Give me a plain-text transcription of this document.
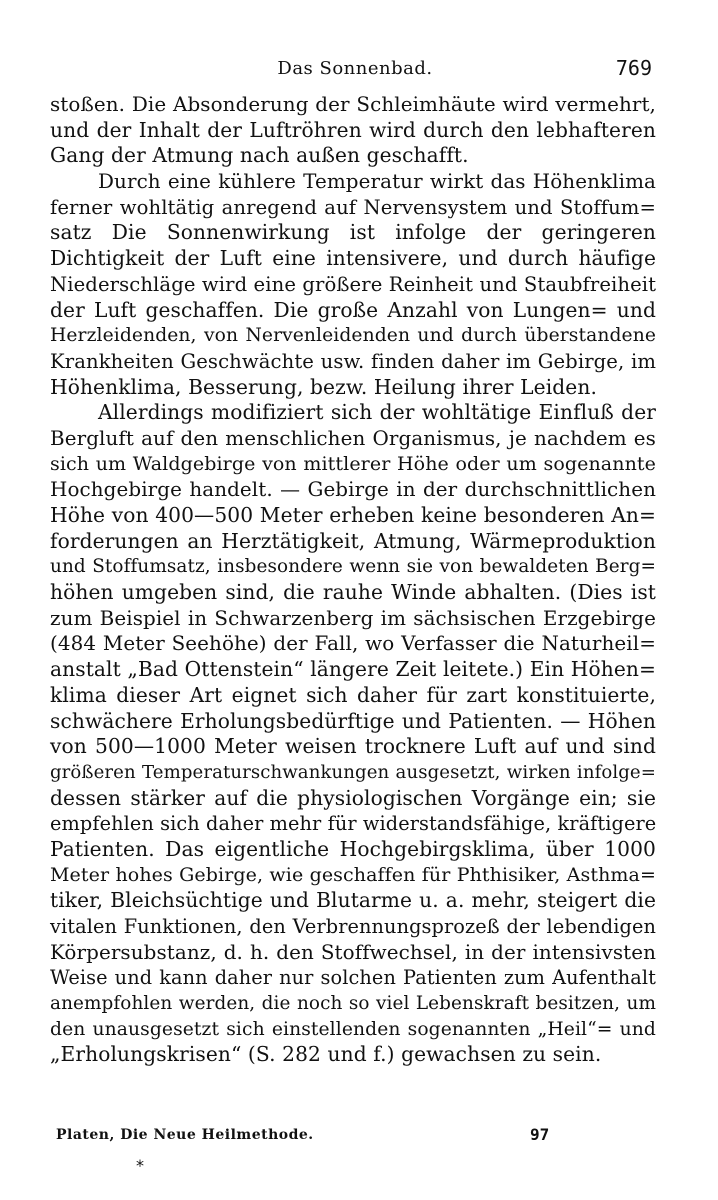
Das Sonnenbad.	769
stoßen. Die Absonderung der Schleimhäute wird vermehrt,
und der Inhalt der Luftröhren wird durch den lebhafteren
Gang der Atmung nach außen geschafft.
Durch eine kühlere Temperatur wirkt das Höhenklima
ferner wohltätig anregend auf Nervensystem und Stoffum=
satz Die Sonnenwirkung ist infolge der geringeren
Dichtigkeit der Luft eine intensivere, und durch häufige
Niederschläge wird eine größere Reinheit und Staubfreiheit
der Luft geschaffen. Die große Anzahl von Lungen= und
Herzleidenden, von Nervenleidenden und durch überstandene
Krankheiten Geschwächte usw. finden daher im Gebirge, im
Höhenklima, Besserung, bezw. Heilung ihrer Leiden.
Allerdings modifiziert sich der wohltätige Einfluß der
Bergluft auf den menschlichen Organismus, je nachdem es
sich um Waldgebirge von mittlerer Höhe oder um sogenannte
Hochgebirge handelt. — Gebirge in der durchschnittlichen
Höhe von 400—500 Meter erheben keine besonderen An=
forderungen an Herztätigkeit, Atmung, Wärmeproduktion
und Stoffumsatz, insbesondere wenn sie von bewaldeten Berg=
höhen umgeben sind, die rauhe Winde abhalten. (Dies ist
zum Beispiel in Schwarzenberg im sächsischen Erzgebirge
(484 Meter Seehöhe) der Fall, wo Verfasser die Naturheil=
anstalt „Bad Ottenstein“ längere Zeit leitete.) Ein Höhen=
klima dieser Art eignet sich daher für zart konstituierte,
schwächere Erholungsbedürftige und Patienten. — Höhen
von 500—1000 Meter weisen trocknere Luft auf und sind
größeren Temperaturschwankungen ausgesetzt, wirken infolge=
dessen stärker auf die physiologischen Vorgänge ein; sie
empfehlen sich daher mehr für widerstandsfähige, kräftigere
Patienten. Das eigentliche Hochgebirgsklima, über 1000
Meter hohes Gebirge, wie geschaffen für Phthisiker, Asthma=
tiker, Bleichsüchtige und Blutarme u. a. mehr, steigert die
vitalen Funktionen, den Verbrennungsprozeß der lebendigen
Körpersubstanz, d. h. den Stoffwechsel, in der intensivsten
Weise und kann daher nur solchen Patienten zum Aufenthalt
anempfohlen werden, die noch so viel Lebenskraft besitzen, um
den unausgesetzt sich einstellenden sogenannten „Heil“= und
„Erholungskrisen“ (S. 282 und f.) gewachsen zu sein.
Platen, Die Neue Heilmethode.	97
*
